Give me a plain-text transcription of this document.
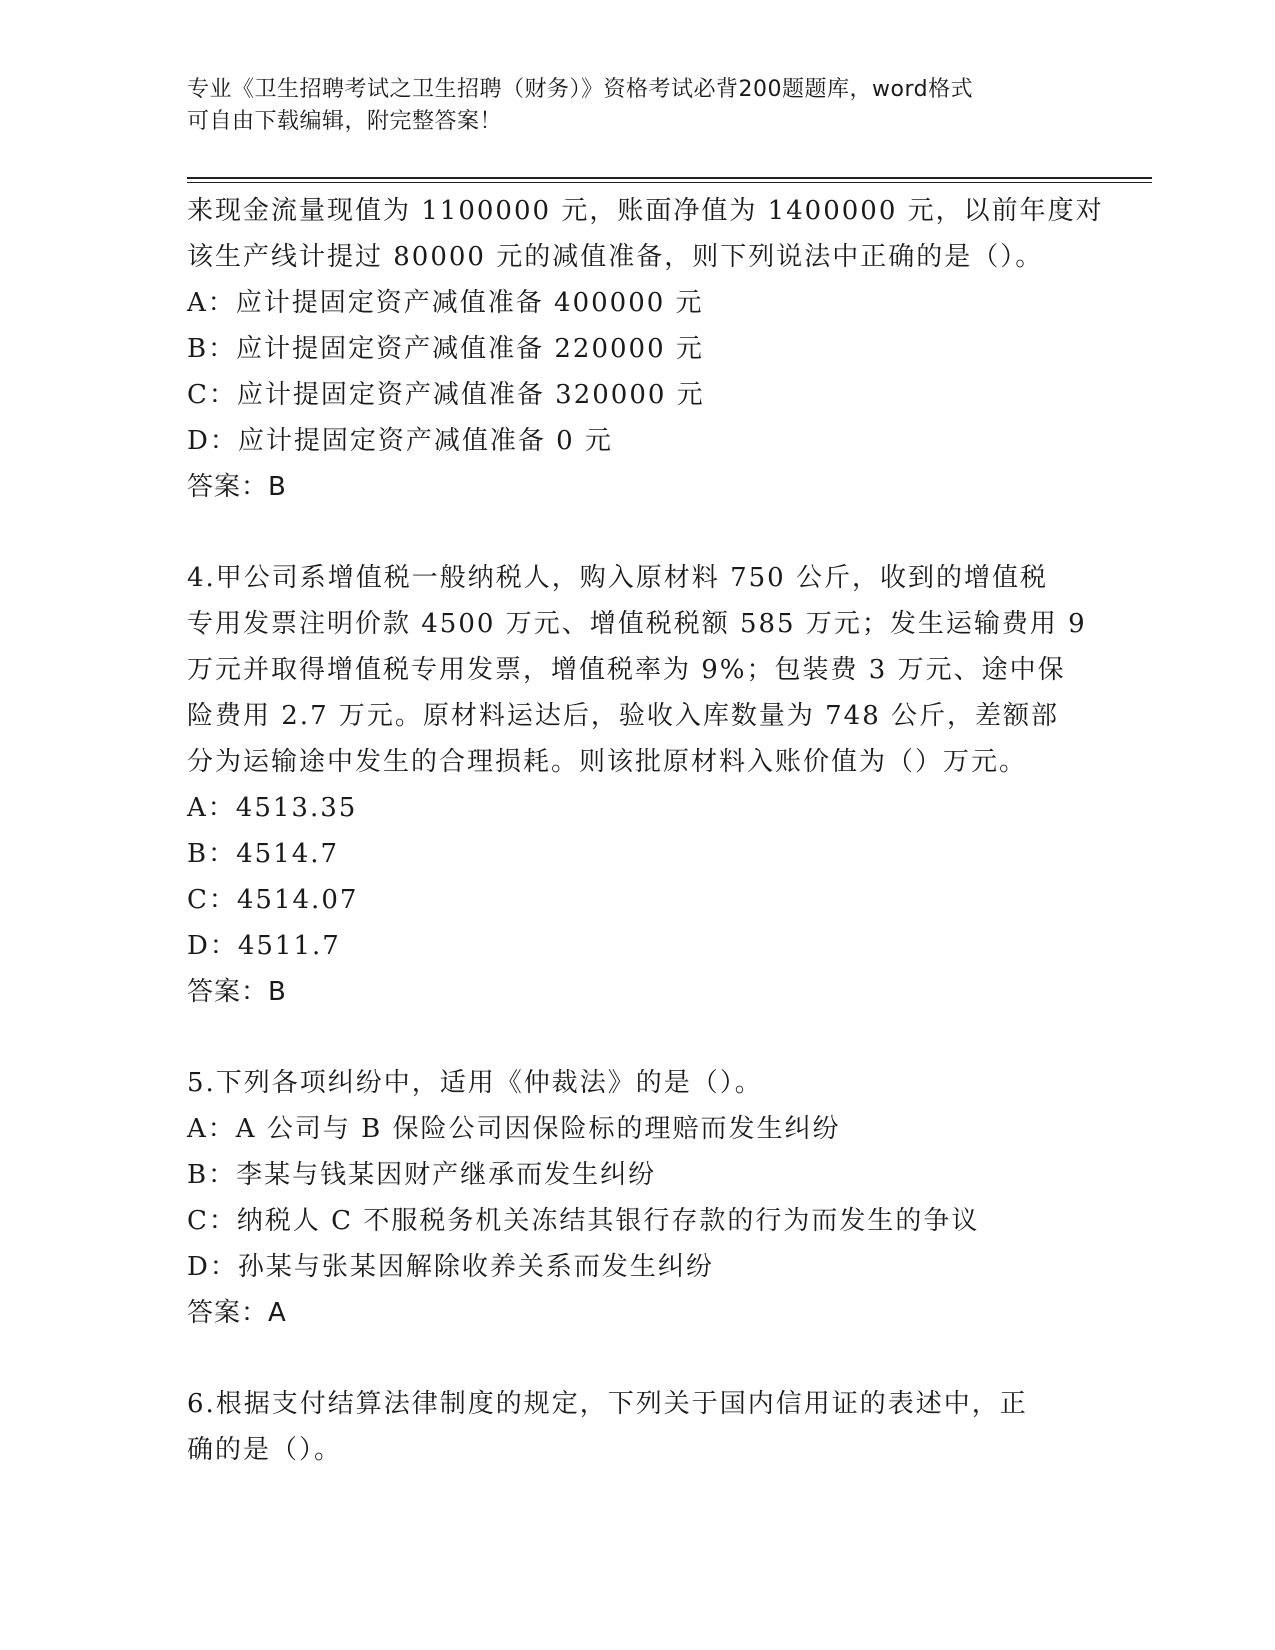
专业《卫生招聘考试之卫生招聘（财务）》资格考试必背200题题库，word格式
可自由下载编辑，附完整答案！
来现金流量现值为 1100000 元，账面净值为 1400000 元，以前年度对
该生产线计提过 80000 元的减值准备，则下列说法中正确的是（）。
A：应计提固定资产减值准备 400000 元
B：应计提固定资产减值准备 220000 元
C：应计提固定资产减值准备 320000 元
D：应计提固定资产减值准备 0 元
答案：B
4.甲公司系增值税一般纳税人，购入原材料 750 公斤，收到的增值税
专用发票注明价款 4500 万元、增值税税额 585 万元；发生运输费用 9
万元并取得增值税专用发票，增值税率为 9%；包装费 3 万元、途中保
险费用 2.7 万元。原材料运达后，验收入库数量为 748 公斤，差额部
分为运输途中发生的合理损耗。则该批原材料入账价值为（）万元。
A：4513.35
B：4514.7
C：4514.07
D：4511.7
答案：B
5.下列各项纠纷中，适用《仲裁法》的是（）。
A：A 公司与 B 保险公司因保险标的理赔而发生纠纷
B：李某与钱某因财产继承而发生纠纷
C：纳税人 C 不服税务机关冻结其银行存款的行为而发生的争议
D：孙某与张某因解除收养关系而发生纠纷
答案：A
6.根据支付结算法律制度的规定，下列关于国内信用证的表述中，正
确的是（）。
